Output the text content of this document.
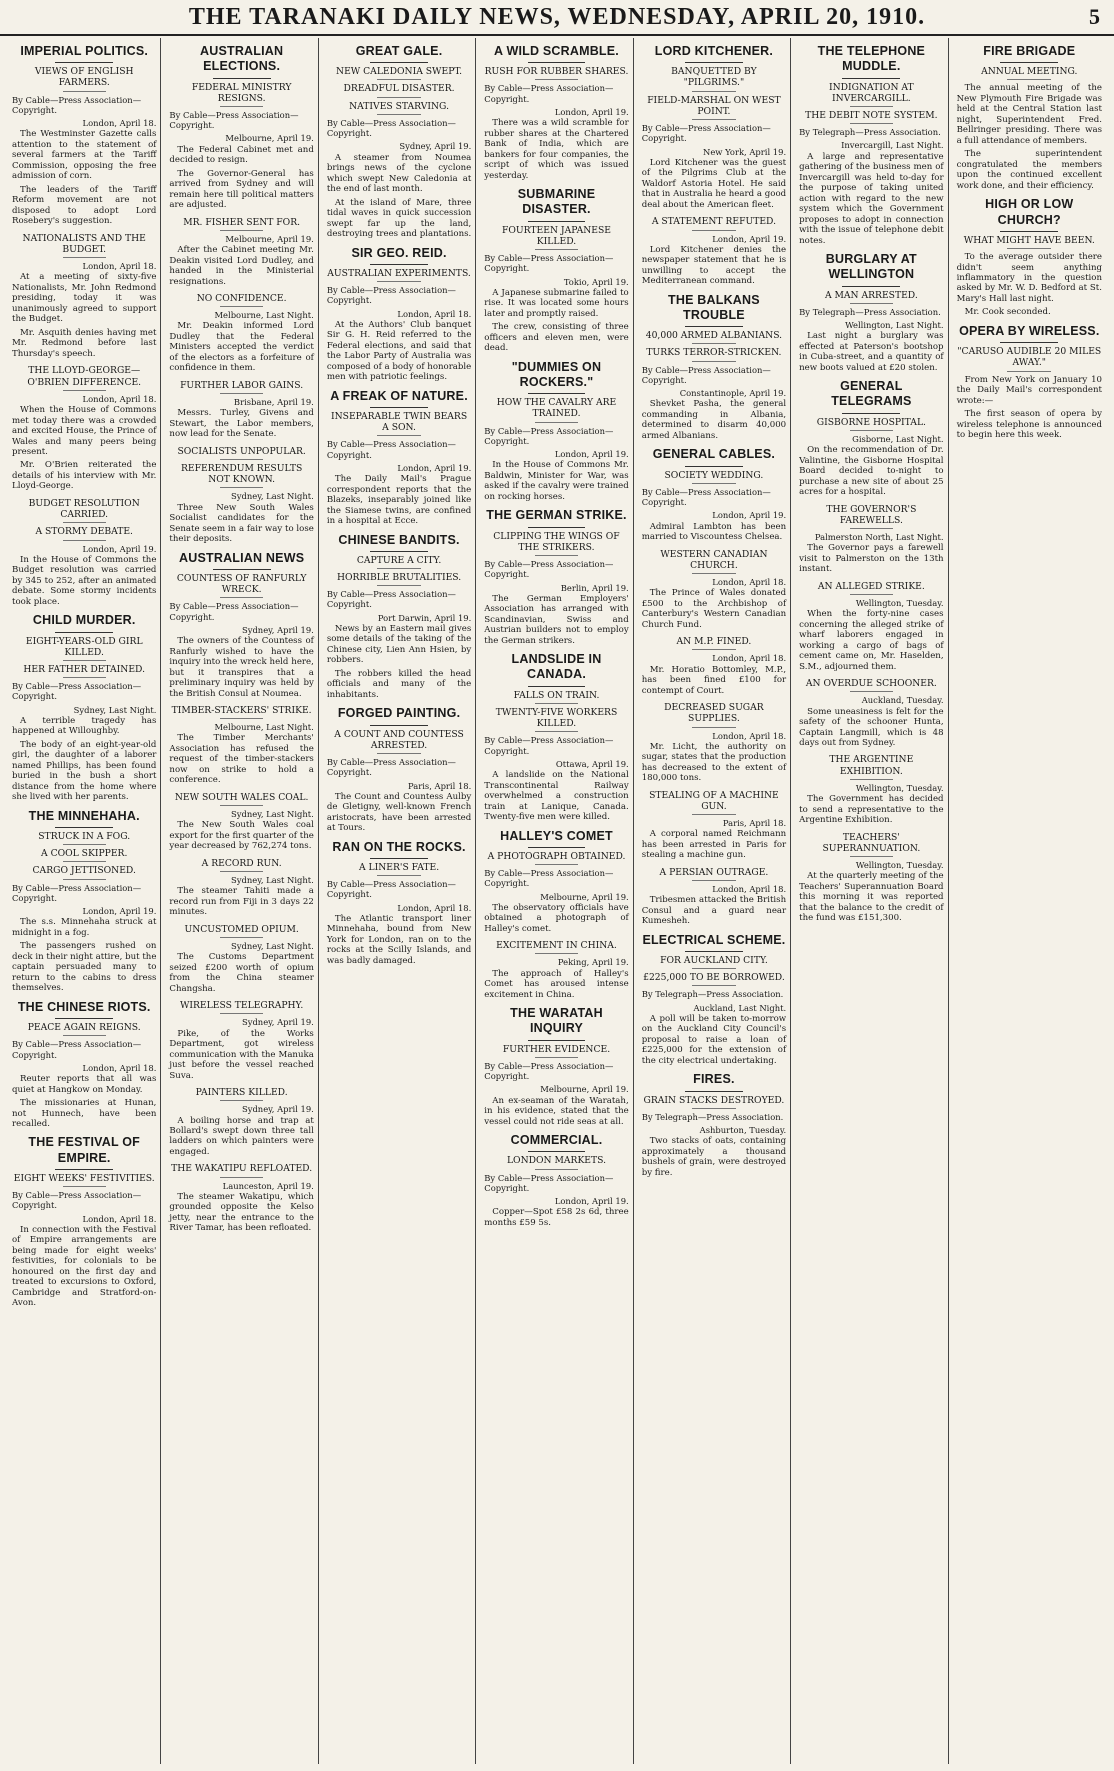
THE TARANAKI DAILY NEWS, WEDNESDAY, APRIL 20, 1910.	5
IMPERIAL POLITICS.
VIEWS OF ENGLISH FARMERS.
By Cable—Press Association—Copyright.
London, April 18.

The Westminster Gazette calls attention to the statement of several farmers at the Tariff Commission, opposing the free admission of corn.

The leaders of the Tariff Reform movement are not disposed to adopt Lord Rosebery's suggestion.

NATIONALISTS AND THE BUDGET.
London, April 18.

At a meeting of sixty-five Nationalists, Mr. John Redmond presiding, today it was unanimously agreed to support the Budget.

Mr. Asquith denies having met Mr. Redmond before last Thursday's speech.

THE LLOYD-GEORGE—O'BRIEN DIFFERENCE.
London, April 18.

When the House of Commons met today there was a crowded and excited House, the Prince of Wales and many peers being present.

Mr. O'Brien reiterated the details of his interview with Mr. Lloyd-George.

BUDGET RESOLUTION CARRIED.
A STORMY DEBATE.
London, April 19.

In the House of Commons the Budget resolution was carried by 345 to 252, after an animated debate. Some stormy incidents took place.

CHILD MURDER.
EIGHT-YEARS-OLD GIRL KILLED.
HER FATHER DETAINED.
By Cable—Press Association—Copyright.
Sydney, Last Night.

A terrible tragedy has happened at Willoughby.

The body of an eight-year-old girl, the daughter of a laborer named Phillips, has been found buried in the bush a short distance from the home where she lived with her parents.

THE MINNEHAHA.
STRUCK IN A FOG.
A COOL SKIPPER.
CARGO JETTISONED.
By Cable—Press Association—Copyright.
London, April 19.

The s.s. Minnehaha struck at midnight in a fog.

The passengers rushed on deck in their night attire, but the captain persuaded many to return to the cabins to dress themselves.

THE CHINESE RIOTS.
PEACE AGAIN REIGNS.
By Cable—Press Association—Copyright.
London, April 18.

Reuter reports that all was quiet at Hangkow on Monday.

The missionaries at Hunan, not Hunnech, have been recalled.

THE FESTIVAL OF EMPIRE.
EIGHT WEEKS' FESTIVITIES.
By Cable—Press Association—Copyright.
London, April 18.

In connection with the Festival of Empire arrangements are being made for eight weeks' festivities, for colonials to be honoured on the first day and treated to excursions to Oxford, Cambridge and Stratford-on-Avon.

AUSTRALIAN ELECTIONS.
FEDERAL MINISTRY RESIGNS.
By Cable—Press Association—Copyright.
Melbourne, April 19.

The Federal Cabinet met and decided to resign.

The Governor-General has arrived from Sydney and will remain here till political matters are adjusted.

MR. FISHER SENT FOR.
Melbourne, April 19.

After the Cabinet meeting Mr. Deakin visited Lord Dudley, and handed in the Ministerial resignations.

NO CONFIDENCE.
Melbourne, Last Night.

Mr. Deakin informed Lord Dudley that the Federal Ministers accepted the verdict of the electors as a forfeiture of confidence in them.

FURTHER LABOR GAINS.
Brisbane, April 19.

Messrs. Turley, Givens and Stewart, the Labor members, now lead for the Senate.

SOCIALISTS UNPOPULAR.
REFERENDUM RESULTS NOT KNOWN.
Sydney, Last Night.

Three New South Wales Socialist candidates for the Senate seem in a fair way to lose their deposits.

AUSTRALIAN NEWS
COUNTESS OF RANFURLY WRECK.
By Cable—Press Association—Copyright.
Sydney, April 19.

The owners of the Countess of Ranfurly wished to have the inquiry into the wreck held here, but it transpires that a preliminary inquiry was held by the British Consul at Noumea.

TIMBER-STACKERS' STRIKE.
Melbourne, Last Night.

The Timber Merchants' Association has refused the request of the timber-stackers now on strike to hold a conference.

NEW SOUTH WALES COAL.
Sydney, Last Night.

The New South Wales coal export for the first quarter of the year decreased by 762,274 tons.

A RECORD RUN.
Sydney, Last Night.

The steamer Tahiti made a record run from Fiji in 3 days 22 minutes.

UNCUSTOMED OPIUM.
Sydney, Last Night.

The Customs Department seized £200 worth of opium from the China steamer Changsha.

WIRELESS TELEGRAPHY.
Sydney, April 19.

Pike, of the Works Department, got wireless communication with the Manuka just before the vessel reached Suva.

PAINTERS KILLED.
Sydney, April 19.

A boiling horse and trap at Bollard's swept down three tall ladders on which painters were engaged.

THE WAKATIPU REFLOATED.
Launceston, April 19.

The steamer Wakatipu, which grounded opposite the Kelso jetty, near the entrance to the River Tamar, has been refloated.

GREAT GALE.
NEW CALEDONIA SWEPT.
DREADFUL DISASTER.
NATIVES STARVING.
By Cable—Press Association—Copyright.
Sydney, April 19.

A steamer from Noumea brings news of the cyclone which swept New Caledonia at the end of last month.

At the island of Mare, three tidal waves in quick succession swept far up the land, destroying trees and plantations.

SIR GEO. REID.
AUSTRALIAN EXPERIMENTS.
By Cable—Press Association—Copyright.
London, April 18.

At the Authors' Club banquet Sir G. H. Reid referred to the Federal elections, and said that the Labor Party of Australia was composed of a body of honorable men with patriotic feelings.

A FREAK OF NATURE.
INSEPARABLE TWIN BEARS A SON.
By Cable—Press Association—Copyright.
London, April 19.

The Daily Mail's Prague correspondent reports that the Blazeks, inseparably joined like the Siamese twins, are confined in a hospital at Ecce.

CHINESE BANDITS.
CAPTURE A CITY.
HORRIBLE BRUTALITIES.
By Cable—Press Association—Copyright.
Port Darwin, April 19.

News by an Eastern mail gives some details of the taking of the Chinese city, Lien Ann Hsien, by robbers.

The robbers killed the head officials and many of the inhabitants.

FORGED PAINTING.
A COUNT AND COUNTESS ARRESTED.
By Cable—Press Association—Copyright.
Paris, April 18.

The Count and Countess Aulby de Gletigny, well-known French aristocrats, have been arrested at Tours.

RAN ON THE ROCKS.
A LINER'S FATE.
By Cable—Press Association—Copyright.
London, April 18.

The Atlantic transport liner Minnehaha, bound from New York for London, ran on to the rocks at the Scilly Islands, and was badly damaged.

A WILD SCRAMBLE.
RUSH FOR RUBBER SHARES.
By Cable—Press Association—Copyright.
London, April 19.

There was a wild scramble for rubber shares at the Chartered Bank of India, which are bankers for four companies, the script of which was issued yesterday.

SUBMARINE DISASTER.
FOURTEEN JAPANESE KILLED.
By Cable—Press Association—Copyright.
Tokio, April 19.

A Japanese submarine failed to rise. It was located some hours later and promptly raised.

The crew, consisting of three officers and eleven men, were dead.

"DUMMIES ON ROCKERS."
HOW THE CAVALRY ARE TRAINED.
By Cable—Press Association—Copyright.
London, April 19.

In the House of Commons Mr. Baldwin, Minister for War, was asked if the cavalry were trained on rocking horses.

THE GERMAN STRIKE.
CLIPPING THE WINGS OF THE STRIKERS.
By Cable—Press Association—Copyright.
Berlin, April 19.

The German Employers' Association has arranged with Scandinavian, Swiss and Austrian builders not to employ the German strikers.

LANDSLIDE IN CANADA.
FALLS ON TRAIN.
TWENTY-FIVE WORKERS KILLED.
By Cable—Press Association—Copyright.
Ottawa, April 19.

A landslide on the National Transcontinental Railway overwhelmed a construction train at Lanique, Canada. Twenty-five men were killed.

HALLEY'S COMET
A PHOTOGRAPH OBTAINED.
By Cable—Press Association—Copyright.
Melbourne, April 19.

The observatory officials have obtained a photograph of Halley's comet.

EXCITEMENT IN CHINA.
Peking, April 19.

The approach of Halley's Comet has aroused intense excitement in China.

THE WARATAH INQUIRY
FURTHER EVIDENCE.
By Cable—Press Association—Copyright.
Melbourne, April 19.

An ex-seaman of the Waratah, in his evidence, stated that the vessel could not ride seas at all.

COMMERCIAL.
LONDON MARKETS.
By Cable—Press Association—Copyright.
London, April 19.

Copper—Spot £58 2s 6d, three months £59 5s.

LORD KITCHENER.
BANQUETTED BY "PILGRIMS."
FIELD-MARSHAL ON WEST POINT.
By Cable—Press Association—Copyright.
New York, April 19.

Lord Kitchener was the guest of the Pilgrims Club at the Waldorf Astoria Hotel. He said that in Australia he heard a good deal about the American fleet.

A STATEMENT REFUTED.
London, April 19.

Lord Kitchener denies the newspaper statement that he is unwilling to accept the Mediterranean command.

THE BALKANS TROUBLE
40,000 ARMED ALBANIANS.
TURKS TERROR-STRICKEN.
By Cable—Press Association—Copyright.
Constantinople, April 19.

Shevket Pasha, the general commanding in Albania, determined to disarm 40,000 armed Albanians.

GENERAL CABLES.
SOCIETY WEDDING.
By Cable—Press Association—Copyright.
London, April 19.

Admiral Lambton has been married to Viscountess Chelsea.

WESTERN CANADIAN CHURCH.
London, April 18.

The Prince of Wales donated £500 to the Archbishop of Canterbury's Western Canadian Church Fund.

AN M.P. FINED.
London, April 18.

Mr. Horatio Bottomley, M.P., has been fined £100 for contempt of Court.

DECREASED SUGAR SUPPLIES.
London, April 18.

Mr. Licht, the authority on sugar, states that the production has decreased to the extent of 180,000 tons.

STEALING OF A MACHINE GUN.
Paris, April 18.

A corporal named Reichmann has been arrested in Paris for stealing a machine gun.

A PERSIAN OUTRAGE.
London, April 18.

Tribesmen attacked the British Consul and a guard near Kumesheh.

ELECTRICAL SCHEME.
FOR AUCKLAND CITY.
£225,000 TO BE BORROWED.
By Telegraph—Press Association.
Auckland, Last Night.

A poll will be taken to-morrow on the Auckland City Council's proposal to raise a loan of £225,000 for the extension of the city electrical undertaking.

FIRES.
GRAIN STACKS DESTROYED.
By Telegraph—Press Association.
Ashburton, Tuesday.

Two stacks of oats, containing approximately a thousand bushels of grain, were destroyed by fire.

THE TELEPHONE MUDDLE.
INDIGNATION AT INVERCARGILL.
THE DEBIT NOTE SYSTEM.
By Telegraph—Press Association.
Invercargill, Last Night.

A large and representative gathering of the business men of Invercargill was held to-day for the purpose of taking united action with regard to the new system which the Government proposes to adopt in connection with the issue of telephone debit notes.

BURGLARY AT WELLINGTON
A MAN ARRESTED.
By Telegraph—Press Association.
Wellington, Last Night.

Last night a burglary was effected at Paterson's bootshop in Cuba-street, and a quantity of new boots valued at £20 stolen.

GENERAL TELEGRAMS
GISBORNE HOSPITAL.
Gisborne, Last Night.

On the recommendation of Dr. Valintine, the Gisborne Hospital Board decided to-night to purchase a new site of about 25 acres for a hospital.

THE GOVERNOR'S FAREWELLS.
Palmerston North, Last Night.

The Governor pays a farewell visit to Palmerston on the 13th instant.

AN ALLEGED STRIKE.
Wellington, Tuesday.

When the forty-nine cases concerning the alleged strike of wharf laborers engaged in working a cargo of bags of cement came on, Mr. Haselden, S.M., adjourned them.

AN OVERDUE SCHOONER.
Auckland, Tuesday.

Some uneasiness is felt for the safety of the schooner Hunta, Captain Langmill, which is 48 days out from Sydney.

THE ARGENTINE EXHIBITION.
Wellington, Tuesday.

The Government has decided to send a representative to the Argentine Exhibition.

TEACHERS' SUPERANNUATION.
Wellington, Tuesday.

At the quarterly meeting of the Teachers' Superannuation Board this morning it was reported that the balance to the credit of the fund was £151,300.

FIRE BRIGADE
ANNUAL MEETING.

The annual meeting of the New Plymouth Fire Brigade was held at the Central Station last night, Superintendent Fred. Bellringer presiding. There was a full attendance of members.

The superintendent congratulated the members upon the continued excellent work done, and their efficiency.

HIGH OR LOW CHURCH?
WHAT MIGHT HAVE BEEN.

To the average outsider there didn't seem anything inflammatory in the question asked by Mr. W. D. Bedford at St. Mary's Hall last night.

Mr. Cook seconded.

OPERA BY WIRELESS.
"CARUSO AUDIBLE 20 MILES AWAY."

From New York on January 10 the Daily Mail's correspondent wrote:—

The first season of opera by wireless telephone is announced to begin here this week.
